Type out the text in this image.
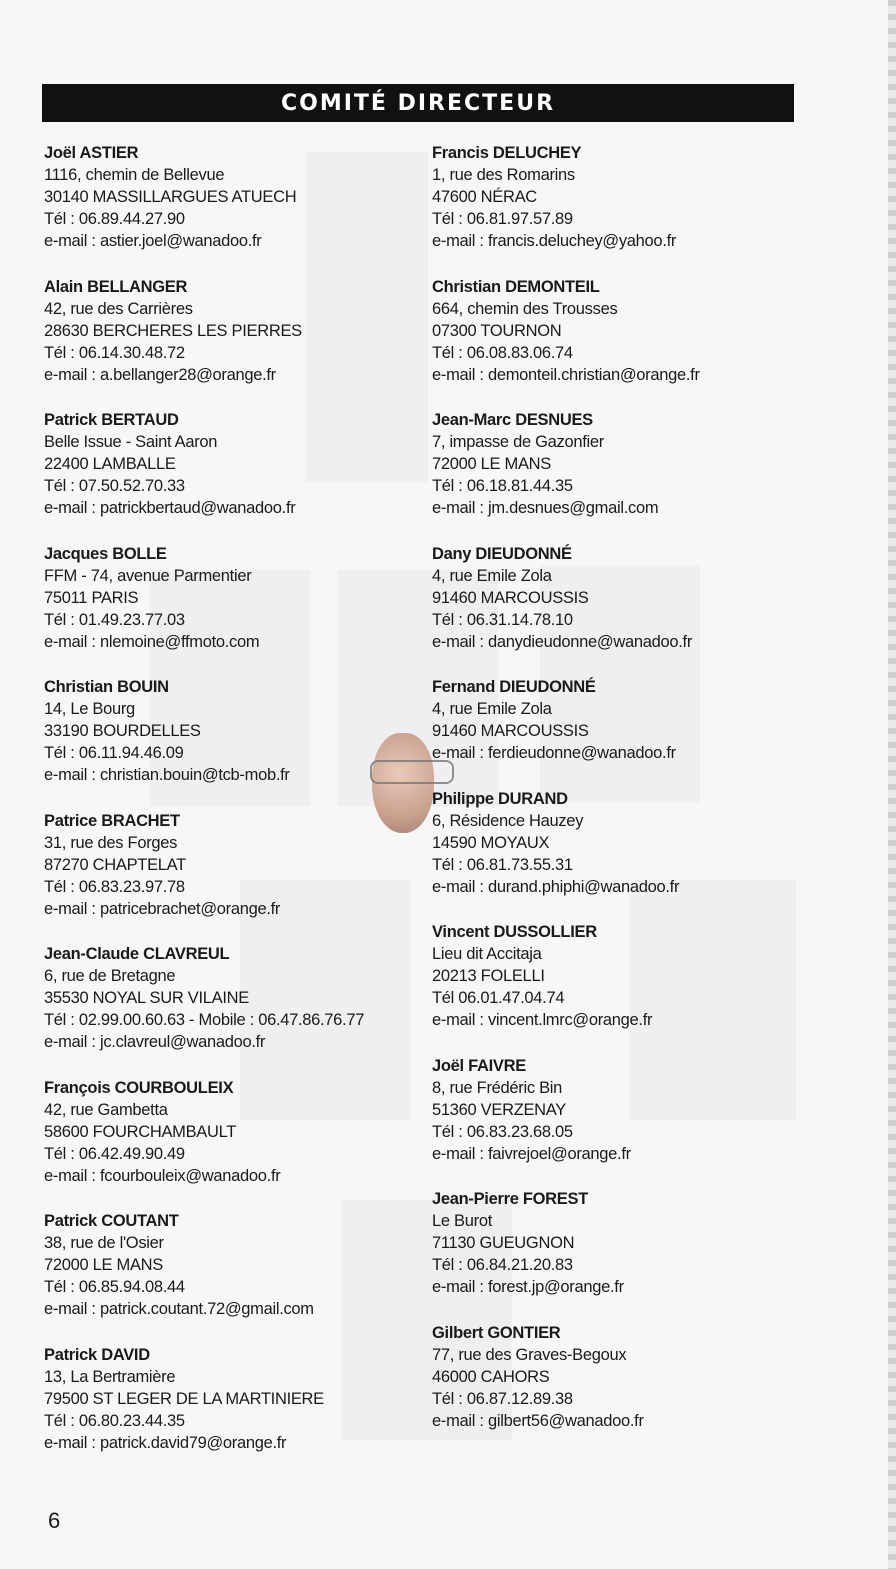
COMITÉ DIRECTEUR
Joël ASTIER
1116, chemin de Bellevue
30140 MASSILLARGUES ATUECH
Tél : 06.89.44.27.90
e-mail : astier.joel@wanadoo.fr
Alain BELLANGER
42, rue des Carrières
28630 BERCHERES LES PIERRES
Tél : 06.14.30.48.72
e-mail : a.bellanger28@orange.fr
Patrick BERTAUD
Belle Issue - Saint Aaron
22400 LAMBALLE
Tél : 07.50.52.70.33
e-mail : patrickbertaud@wanadoo.fr
Jacques BOLLE
FFM - 74, avenue Parmentier
75011 PARIS
Tél : 01.49.23.77.03
e-mail : nlemoine@ffmoto.com
Christian BOUIN
14, Le Bourg
33190 BOURDELLES
Tél : 06.11.94.46.09
e-mail : christian.bouin@tcb-mob.fr
Patrice BRACHET
31, rue des Forges
87270 CHAPTELAT
Tél : 06.83.23.97.78
e-mail : patricebrachet@orange.fr
Jean-Claude CLAVREUL
6, rue de Bretagne
35530 NOYAL SUR VILAINE
Tél : 02.99.00.60.63 - Mobile : 06.47.86.76.77
e-mail : jc.clavreul@wanadoo.fr
François COURBOULEIX
42, rue Gambetta
58600 FOURCHAMBAULT
Tél : 06.42.49.90.49
e-mail : fcourbouleix@wanadoo.fr
Patrick COUTANT
38, rue de l'Osier
72000 LE MANS
Tél : 06.85.94.08.44
e-mail : patrick.coutant.72@gmail.com
Patrick DAVID
13, La Bertramière
79500 ST LEGER DE LA MARTINIERE
Tél : 06.80.23.44.35
e-mail : patrick.david79@orange.fr
Francis DELUCHEY
1, rue des Romarins
47600 NÉRAC
Tél : 06.81.97.57.89
e-mail : francis.deluchey@yahoo.fr
Christian DEMONTEIL
664, chemin des Trousses
07300 TOURNON
Tél : 06.08.83.06.74
e-mail : demonteil.christian@orange.fr
Jean-Marc DESNUES
7, impasse de Gazonfier
72000 LE MANS
Tél : 06.18.81.44.35
e-mail : jm.desnues@gmail.com
Dany DIEUDONNÉ
4, rue Emile Zola
91460 MARCOUSSIS
Tél : 06.31.14.78.10
e-mail : danydieudonne@wanadoo.fr
Fernand DIEUDONNÉ
4, rue Emile Zola
91460 MARCOUSSIS
e-mail : ferdieudonne@wanadoo.fr
Philippe DURAND
6, Résidence Hauzey
14590 MOYAUX
Tél : 06.81.73.55.31
e-mail : durand.phiphi@wanadoo.fr
Vincent DUSSOLLIER
Lieu dit Accitaja
20213 FOLELLI
Tél 06.01.47.04.74
e-mail : vincent.lmrc@orange.fr
Joël FAIVRE
8, rue Frédéric Bin
51360 VERZENAY
Tél : 06.83.23.68.05
e-mail : faivrejoel@orange.fr
Jean-Pierre FOREST
Le Burot
71130 GUEUGNON
Tél : 06.84.21.20.83
e-mail : forest.jp@orange.fr
Gilbert GONTIER
77, rue des Graves-Begoux
46000 CAHORS
Tél : 06.87.12.89.38
e-mail : gilbert56@wanadoo.fr
6
